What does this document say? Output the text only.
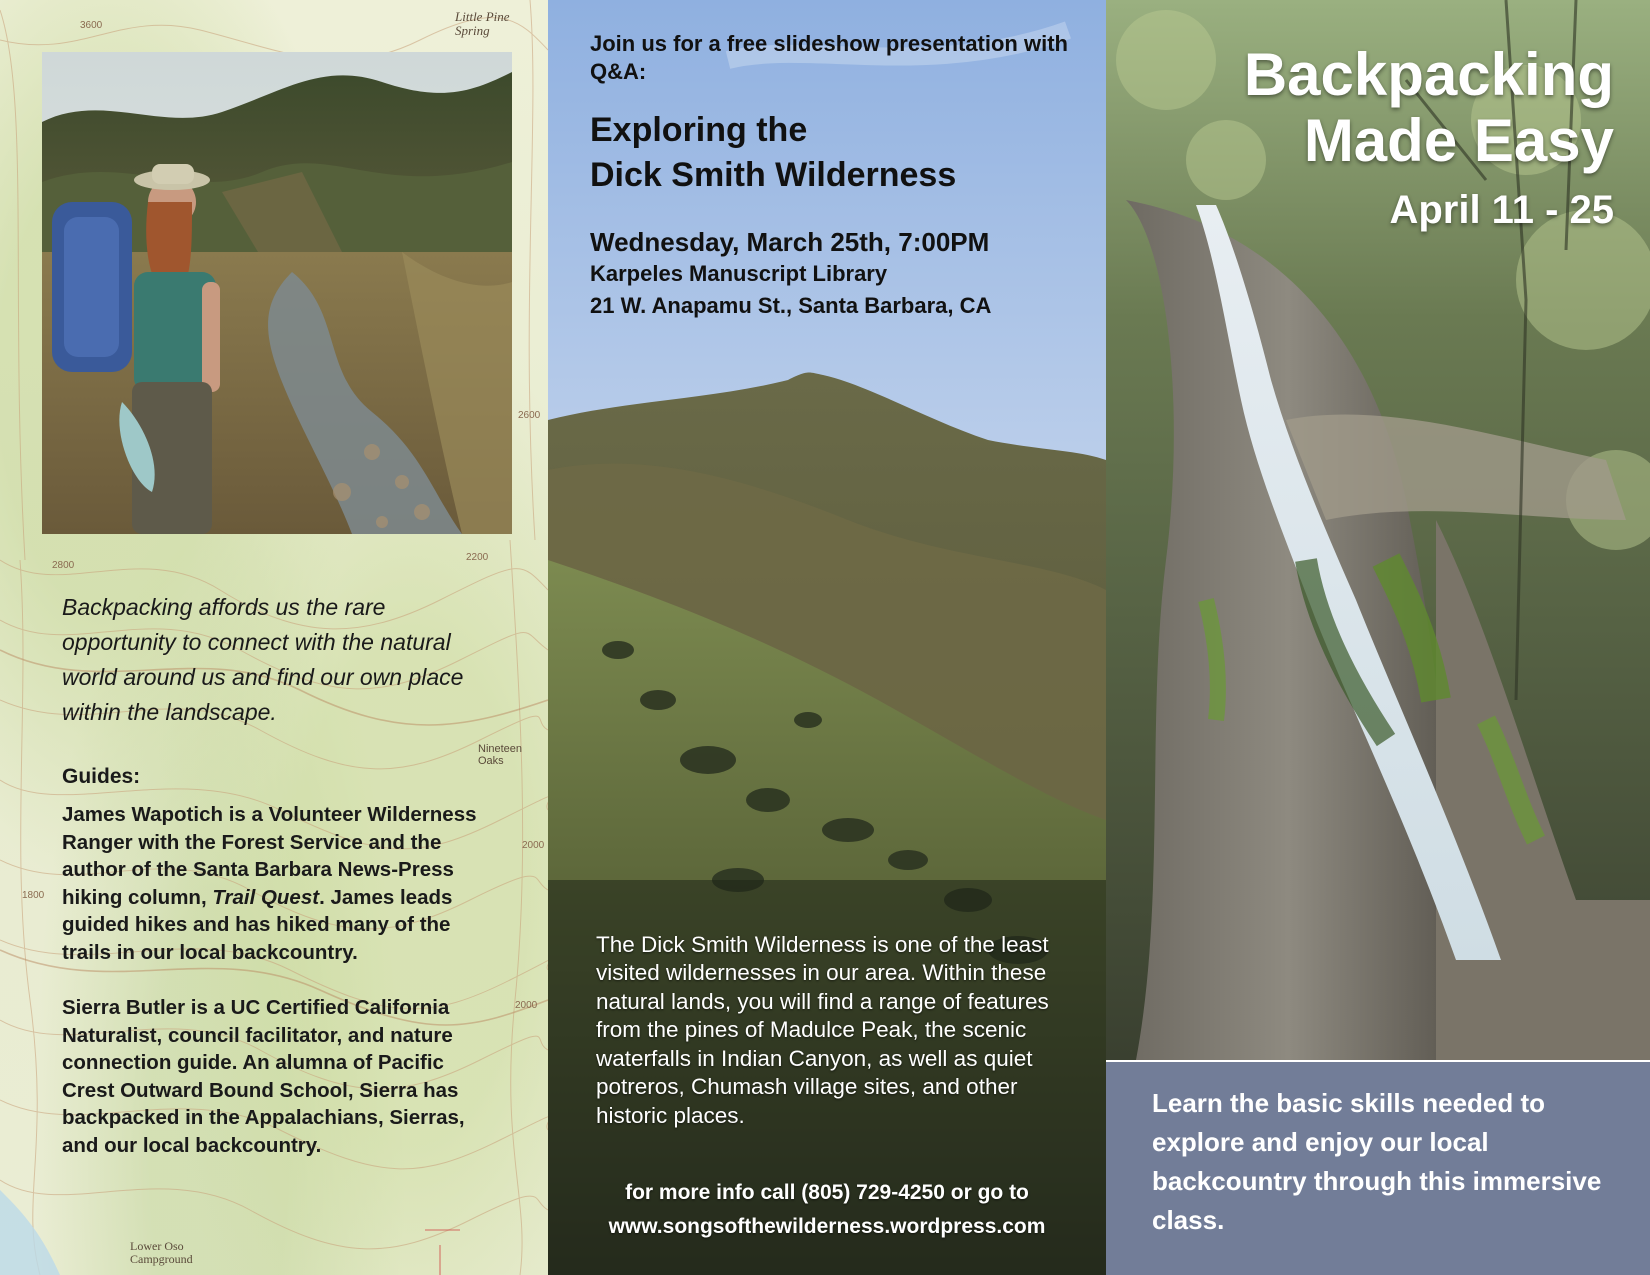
Little Pine
Spring
Nineteen
Oaks
Lower Oso
Campground
3600
2600
2200
2000
2800
1800
2000

Backpacking affords us the rare opportunity to connect with the natural world around us and find our own place within the landscape.

Guides:

James Wapotich is a Volunteer Wilderness Ranger with the Forest Service and the author of the Santa Barbara News-Press hiking column, Trail Quest. James leads guided hikes and has hiked many of the trails in our local backcountry.

Sierra Butler is a UC Certified California Naturalist, council facilitator, and nature connection guide. An alumna of Pacific Crest Outward Bound School, Sierra has backpacked in the Appalachians, Sierras, and our local backcountry.

Join us for a free slideshow presentation with Q&A:

Exploring the
Dick Smith Wilderness

Wednesday, March 25th, 7:00PM

Karpeles Manuscript Library

21 W. Anapamu St., Santa Barbara, CA

The Dick Smith Wilderness is one of the least visited wildernesses in our area. Within these natural lands, you will find a range of features from the pines of Madulce Peak, the scenic waterfalls in Indian Canyon, as well as quiet potreros, Chumash village sites, and other historic places.

for more info call (805) 729-4250 or go to
www.songsofthewilderness.wordpress.com
Backpacking
Made Easy
April 11 - 25

Learn the basic skills needed to explore and enjoy our local backcountry through this immersive class.
